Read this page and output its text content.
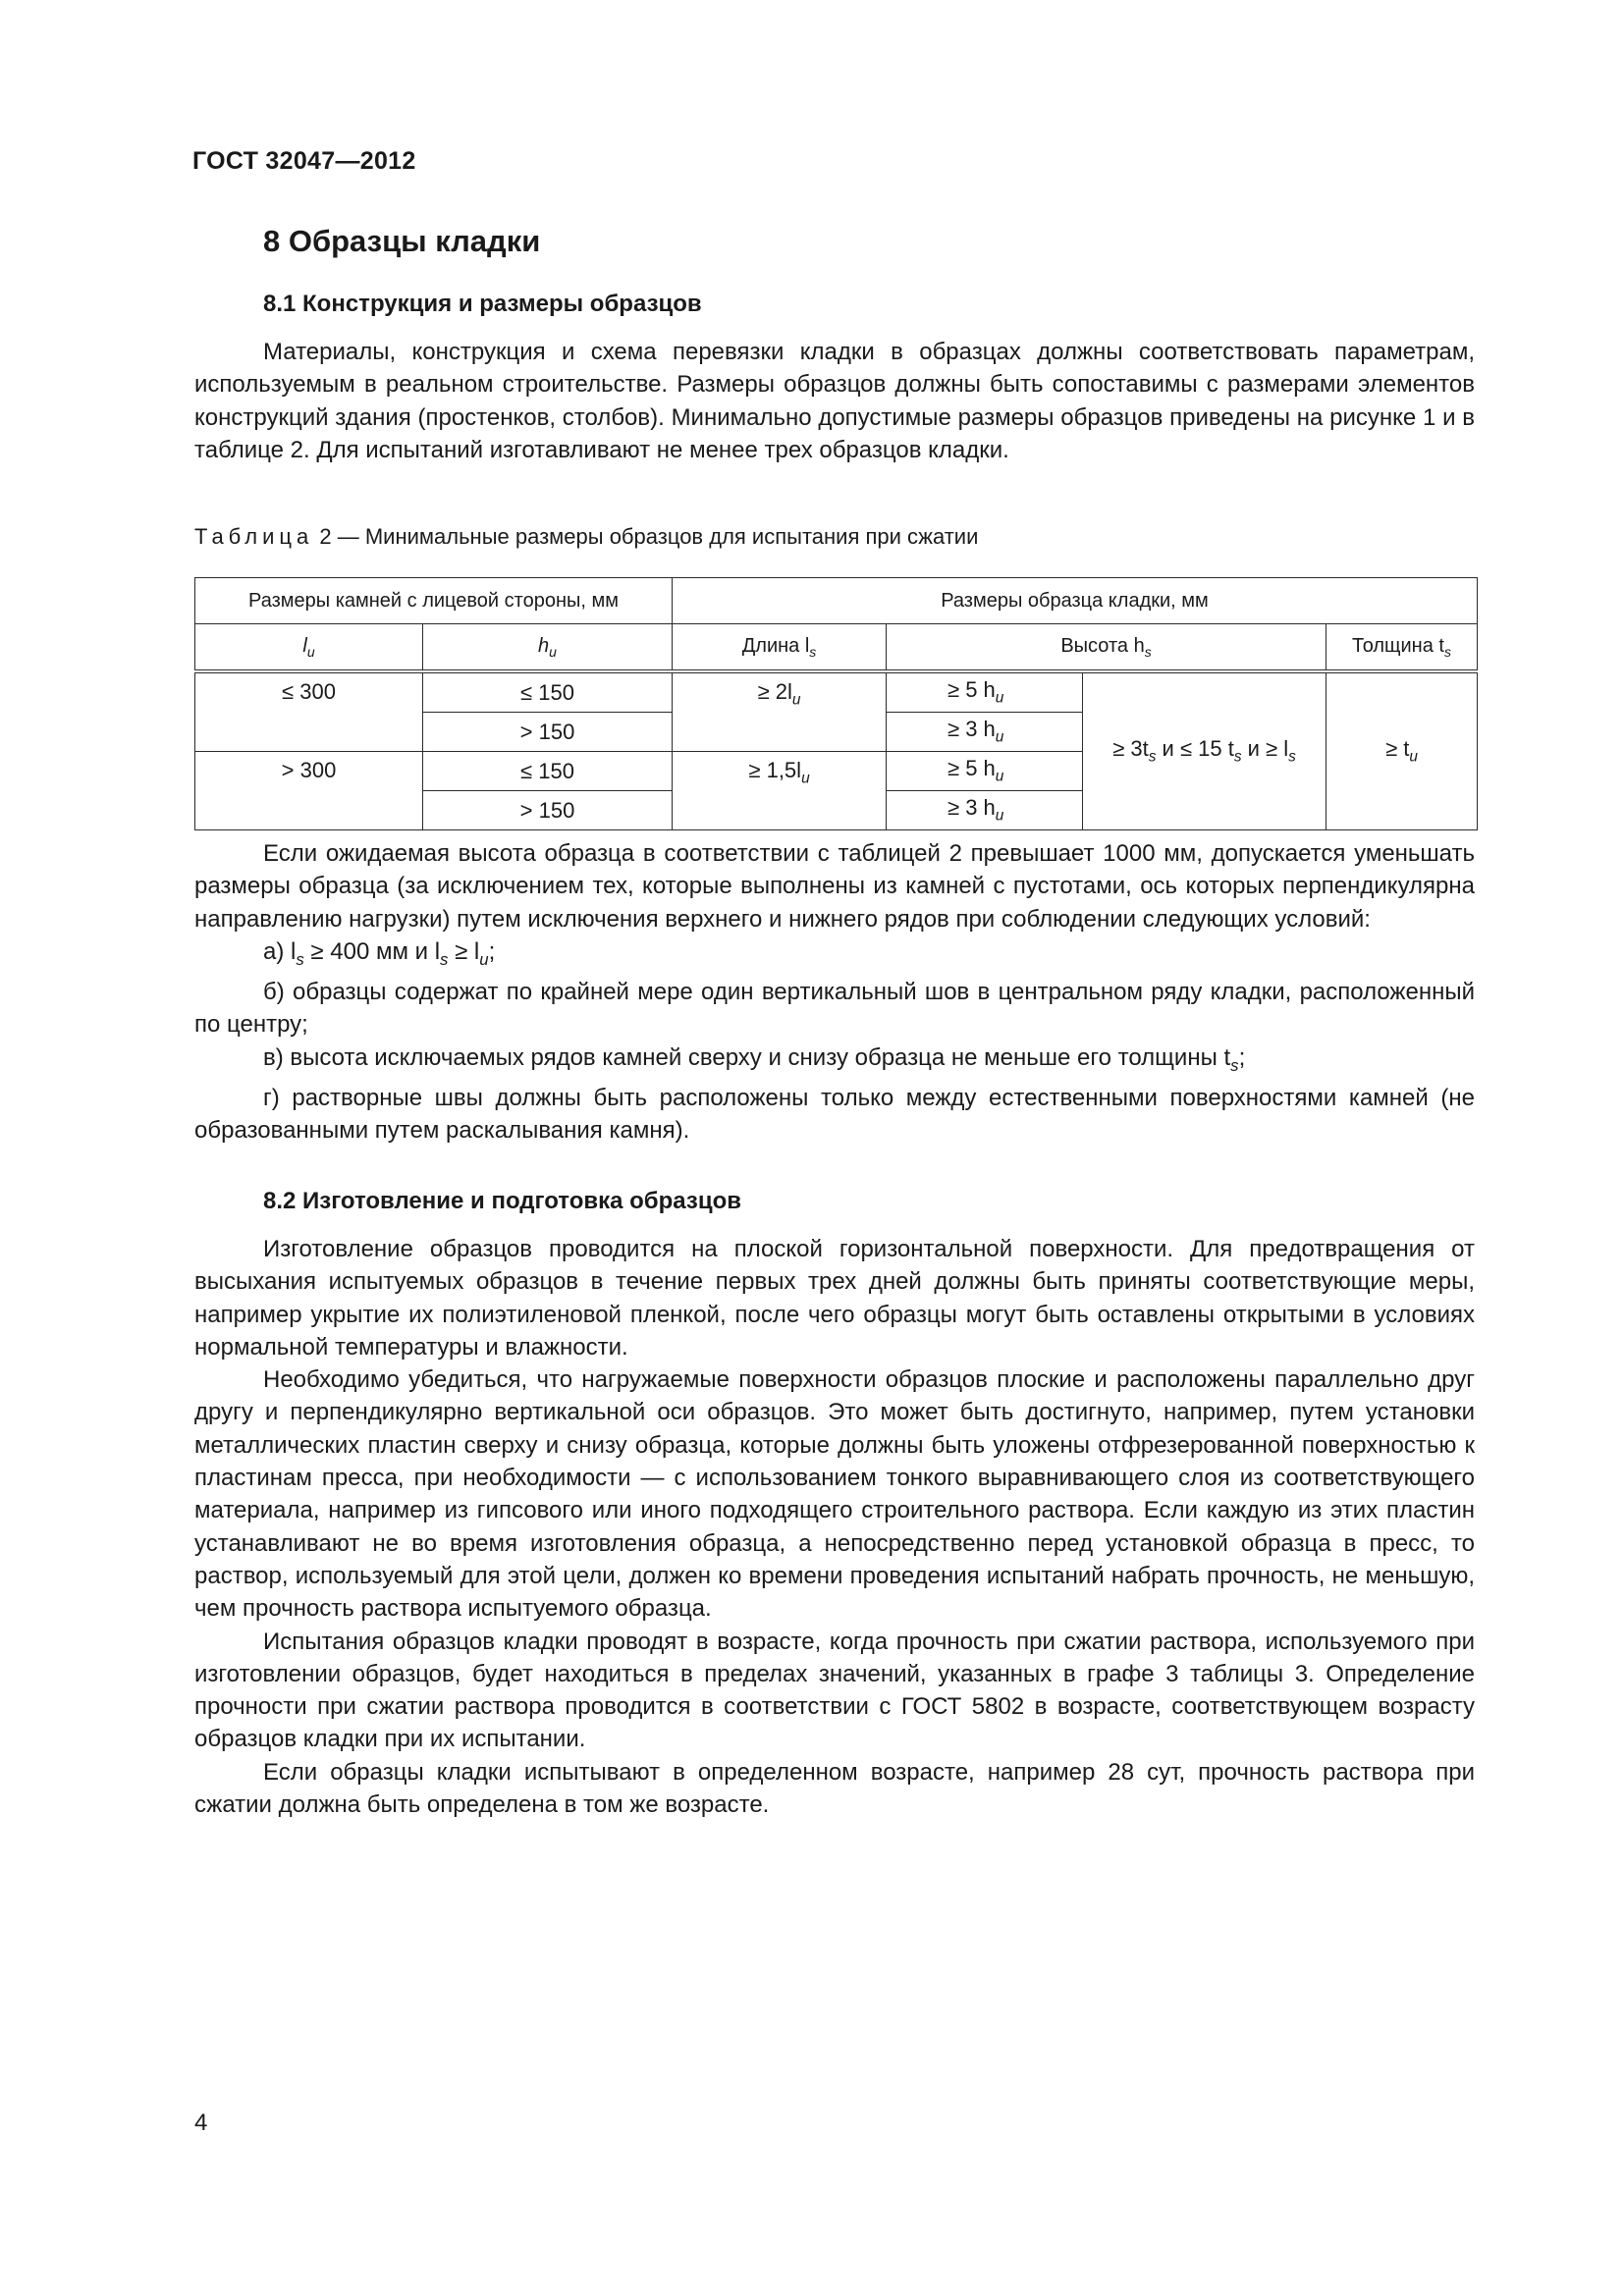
ГОСТ 32047—2012
8 Образцы кладки
8.1 Конструкция и размеры образцов

Материалы, конструкция и схема перевязки кладки в образцах должны соответствовать параметрам, используемым в реальном строительстве. Размеры образцов должны быть сопоставимы с размерами элементов конструкций здания (простенков, столбов). Минимально допустимые размеры образцов приведены на рисунке 1 и в таблице 2. Для испытаний изготавливают не менее трех образцов кладки.

Таблица 2 — Минимальные размеры образцов для испытания при сжатии
Размеры камней с лицевой стороны, мм		Размеры образца кладки, мм			
$l_u$	$h_u$	Длина $l_s$	Высота $h_s$		Толщина $t_s$
≤ 300	≤ 150	≥ $2l_u$	≥ 5 $h_u$	≥ $3t_s$ и ≤ 15 $t_s$ $и \ge l_s$	≥ $t_u$
	> 150		≥ 3 $h_u$
> 300	≤ 150	≥ $1,5l_u$	≥ 5 $h_u$
	> 150		≥ 3 $h_u$

Если ожидаемая высота образца в соответствии с таблицей 2 превышает 1000 мм, допускается уменьшать размеры образца (за исключением тех, которые выполнены из камней с пустотами, ось которых перпендикулярна направлению нагрузки) путем исключения верхнего и нижнего рядов при соблюдении следующих условий:

а) $l_s \ge 400$ мм и $l_s \ge l_u$;

б) образцы содержат по крайней мере один вертикальный шов в центральном ряду кладки, расположенный по центру;

в) высота исключаемых рядов камней сверху и снизу образца не меньше его толщины $t_s$;

г) растворные швы должны быть расположены только между естественными поверхностями камней (не образованными путем раскалывания камня).

8.2 Изготовление и подготовка образцов

Изготовление образцов проводится на плоской горизонтальной поверхности. Для предотвращения от высыхания испытуемых образцов в течение первых трех дней должны быть приняты соответствующие меры, например укрытие их полиэтиленовой пленкой, после чего образцы могут быть оставлены открытыми в условиях нормальной температуры и влажности.

Необходимо убедиться, что нагружаемые поверхности образцов плоские и расположены параллельно друг другу и перпендикулярно вертикальной оси образцов. Это может быть достигнуто, например, путем установки металлических пластин сверху и снизу образца, которые должны быть уложены отфрезерованной поверхностью к пластинам пресса, при необходимости — с использованием тонкого выравнивающего слоя из соответствующего материала, например из гипсового или иного подходящего строительного раствора. Если каждую из этих пластин устанавливают не во время изготовления образца, а непосредственно перед установкой образца в пресс, то раствор, используемый для этой цели, должен ко времени проведения испытаний набрать прочность, не меньшую, чем прочность раствора испытуемого образца.

Испытания образцов кладки проводят в возрасте, когда прочность при сжатии раствора, используемого при изготовлении образцов, будет находиться в пределах значений, указанных в графе 3 таблицы 3. Определение прочности при сжатии раствора проводится в соответствии с ГОСТ 5802 в возрасте, соответствующем возрасту образцов кладки при их испытании.

Если образцы кладки испытывают в определенном возрасте, например 28 сут, прочность раствора при сжатии должна быть определена в том же возрасте.

4
